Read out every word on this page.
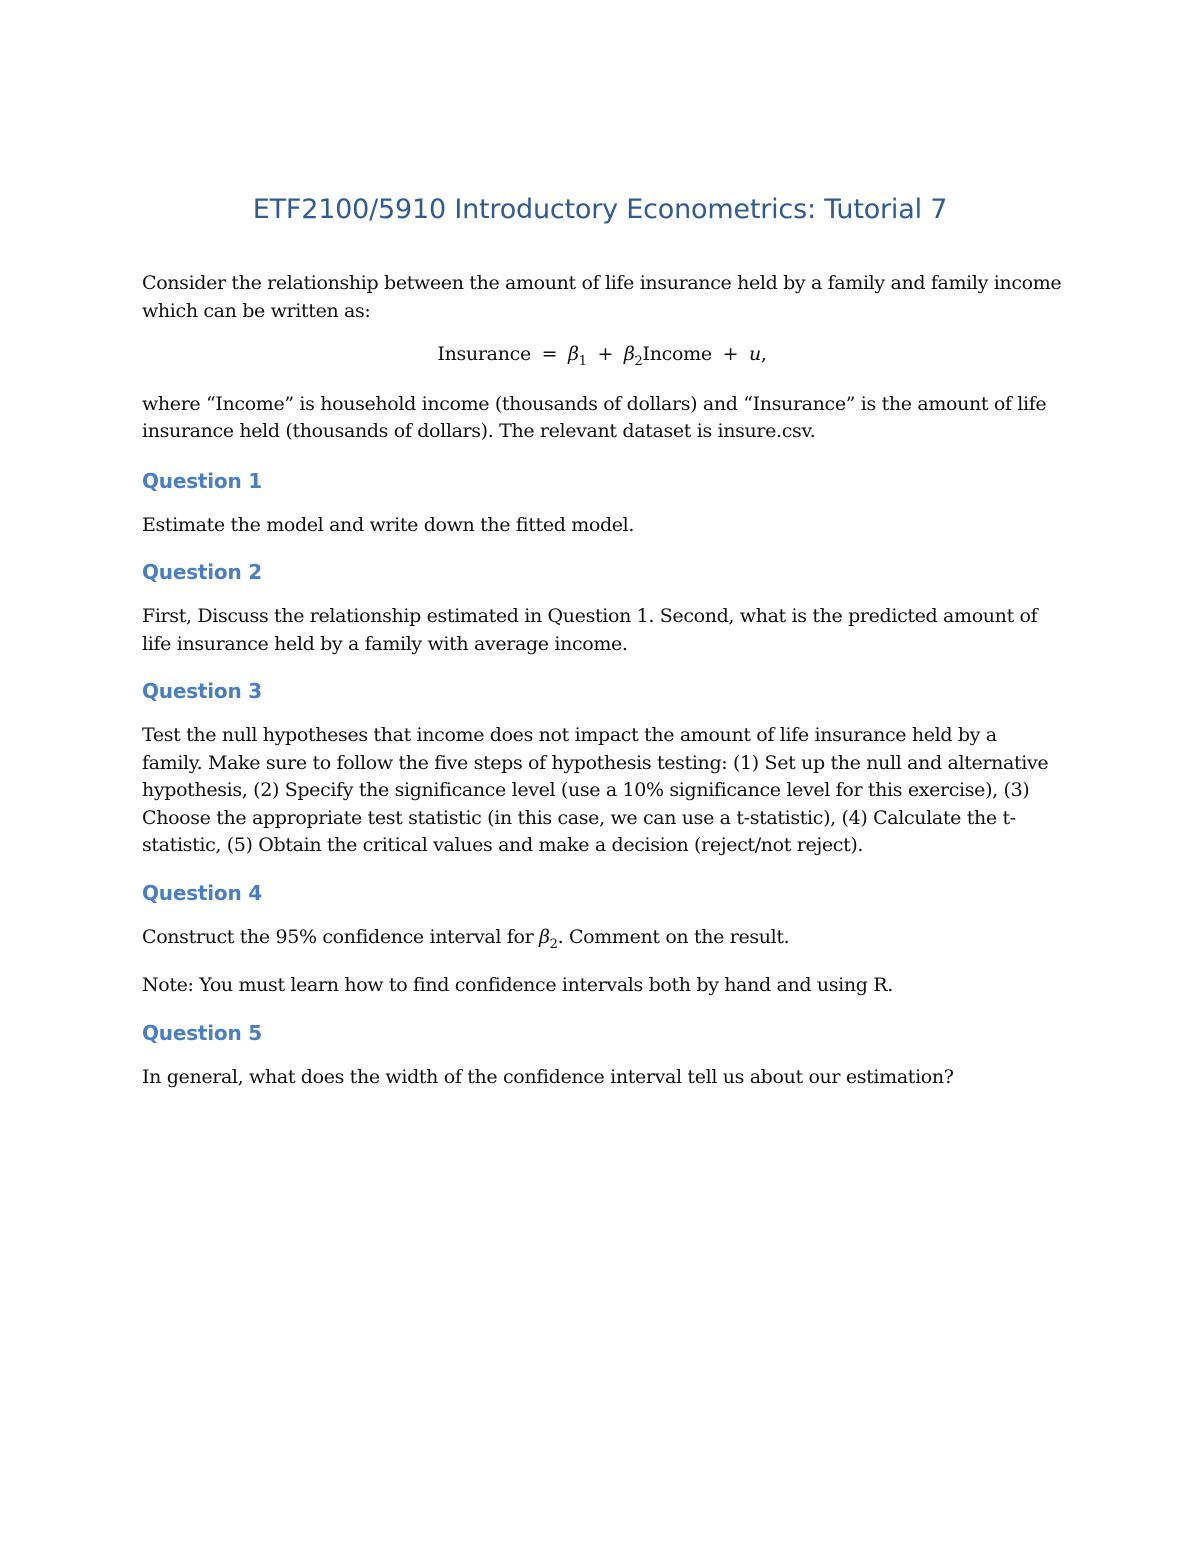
ETF2100/5910 Introductory Econometrics: Tutorial 7

Consider the relationship between the amount of life insurance held by a family and family income which can be written as:

Insurance = $\beta_1$ + $\beta_2Income + u$,

where “Income” is household income (thousands of dollars) and “Insurance” is the amount of life insurance held (thousands of dollars). The relevant dataset is insure.csv.

Question 1

Estimate the model and write down the fitted model.

Question 2

First, Discuss the relationship estimated in Question 1. Second, what is the predicted amount of life insurance held by a family with average income.

Question 3

Test the null hypotheses that income does not impact the amount of life insurance held by a family. Make sure to follow the five steps of hypothesis testing: (1) Set up the null and alternative hypothesis, (2) Specify the significance level (use a 10% significance level for this exercise), (3) Choose the appropriate test statistic (in this case, we can use a t-statistic), (4) Calculate the t-statistic, (5) Obtain the critical values and make a decision (reject/not reject).

Question 4

Construct the 95% confidence interval for $\beta_2$. Comment on the result.

Note: You must learn how to find confidence intervals both by hand and using R.

Question 5

In general, what does the width of the confidence interval tell us about our estimation?
